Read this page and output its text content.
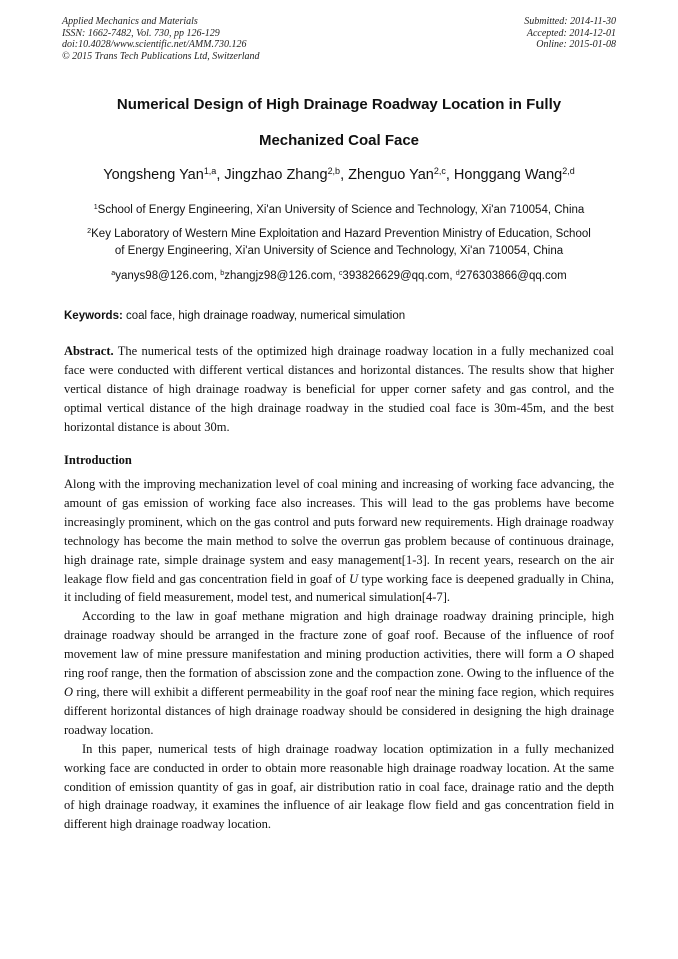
Applied Mechanics and Materials
ISSN: 1662-7482, Vol. 730, pp 126-129
doi:10.4028/www.scientific.net/AMM.730.126
© 2015 Trans Tech Publications Ltd, Switzerland
Submitted: 2014-11-30
Accepted: 2014-12-01
Online: 2015-01-08
Numerical Design of High Drainage Roadway Location in Fully
Mechanized Coal Face
Yongsheng Yan$^{1,a}$, Jingzhao Zhang$^{2,b}$, Zhenguo Yan$^{2,c}$, Honggang Wang$^{2,d}$
$^1$School of Energy Engineering, Xi'an University of Science and Technology, Xi'an 710054, China
$^2$Key Laboratory of Western Mine Exploitation and Hazard Prevention Ministry of Education, School
of Energy Engineering, Xi'an University of Science and Technology, Xi'an 710054, China
$^a$yanys98@126.com, $^b$zhangjz98@126.com, $^c$393826629@qq.com, $^d$276303866@qq.com
Keywords: coal face, high drainage roadway, numerical simulation

Abstract. The numerical tests of the optimized high drainage roadway location in a fully mechanized coal face were conducted with different vertical distances and horizontal distances. The results show that higher vertical distance of high drainage roadway is beneficial for upper corner safety and gas control, and the optimal vertical distance of the high drainage roadway in the studied coal face is 30m-45m, and the best horizontal distance is about 30m.

Introduction

Along with the improving mechanization level of coal mining and increasing of working face advancing, the amount of gas emission of working face also increases. This will lead to the gas problems have become increasingly prominent, which on the gas control and puts forward new requirements. High drainage roadway technology has become the main method to solve the overrun gas problem because of continuous drainage, high drainage rate, simple drainage system and easy management[1-3]. In recent years, research on the air leakage flow field and gas concentration field in goaf of U type working face is deepened gradually in China, it including of field measurement, model test, and numerical simulation[4-7].

According to the law in goaf methane migration and high drainage roadway draining principle, high drainage roadway should be arranged in the fracture zone of goaf roof. Because of the influence of roof movement law of mine pressure manifestation and mining production activities, there will form a O shaped ring roof range, then the formation of abscission zone and the compaction zone. Owing to the influence of the O ring, there will exhibit a different permeability in the goaf roof near the mining face region, which requires different horizontal distances of high drainage roadway should be considered in designing the high drainage roadway location.

In this paper, numerical tests of high drainage roadway location optimization in a fully mechanized working face are conducted in order to obtain more reasonable high drainage roadway location. At the same condition of emission quantity of gas in goaf, air distribution ratio in coal face, drainage ratio and the depth of high drainage roadway, it examines the influence of air leakage flow field and gas concentration field in different high drainage roadway location.
